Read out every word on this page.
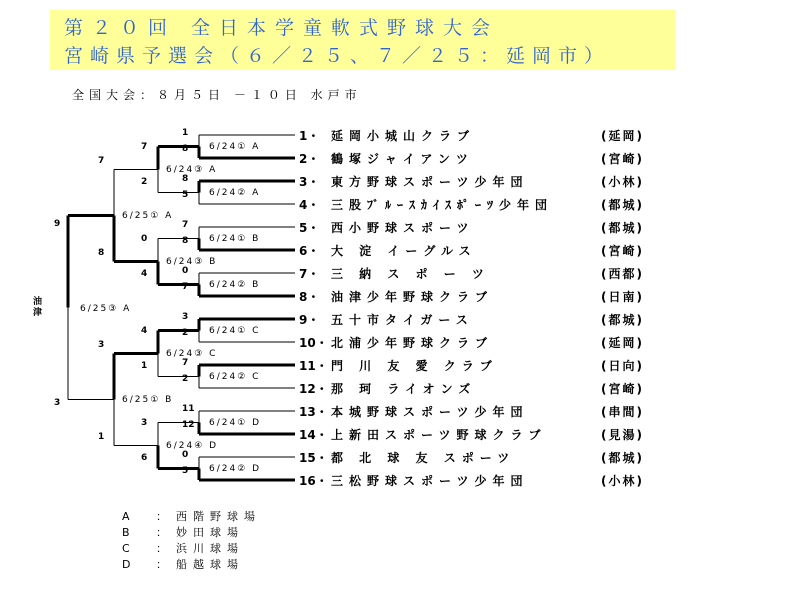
第２０回 全日本学童軟式野球大会
宮崎県予選会（６／２５、７／２５：延岡市）
全国大会：８月５日 －１０日 水戸市
1・ 延岡小城山クラブ	(延岡)
2・ 鶴塚ジャイアンツ	(宮崎)
3・ 東方野球スポーツ少年団	(小林)
4・ 三股ﾌﾞﾙｰｽｶｲｽﾎﾟｰﾂ少年団	(都城)
5・ 西小野球スポーツ	(都城)
6・ 大 淀 イーグルス	(宮崎)
7・ 三 納 ス ポ ー ツ	(西都)
8・ 油津少年野球クラブ	(日南)
9・ 五十市タイガース	(都城)
10・ 北浦少年野球クラブ	(延岡)
11・ 門 川 友 愛 クラブ	(日向)
12・ 那 珂 ライオンズ	(宮崎)
13・ 本城野球スポーツ少年団	(串間)
14・ 上新田スポーツ野球クラブ	(見湯)
15・ 都 北 球 友 スポーツ	(都城)
16・ 三松野球スポーツ少年団	(小林)
1
8 6/24① A
8
5 6/24② A
7
8 6/24① B
0
7 6/24② B
3
2 6/24① C
7
2 6/24② C
11
12 6/24① D
0
5 6/24② D
7
2
6/24③ A
0
4
6/24③ B
4
1
6/24③ C
3
6
6/24④ D
7
8
6/25① A
3
1
6/25① B
9
3
6/25③ A
油津
A ： 西階野球場
B ： 妙田球場
C ： 浜川球場
D ： 船越球場
